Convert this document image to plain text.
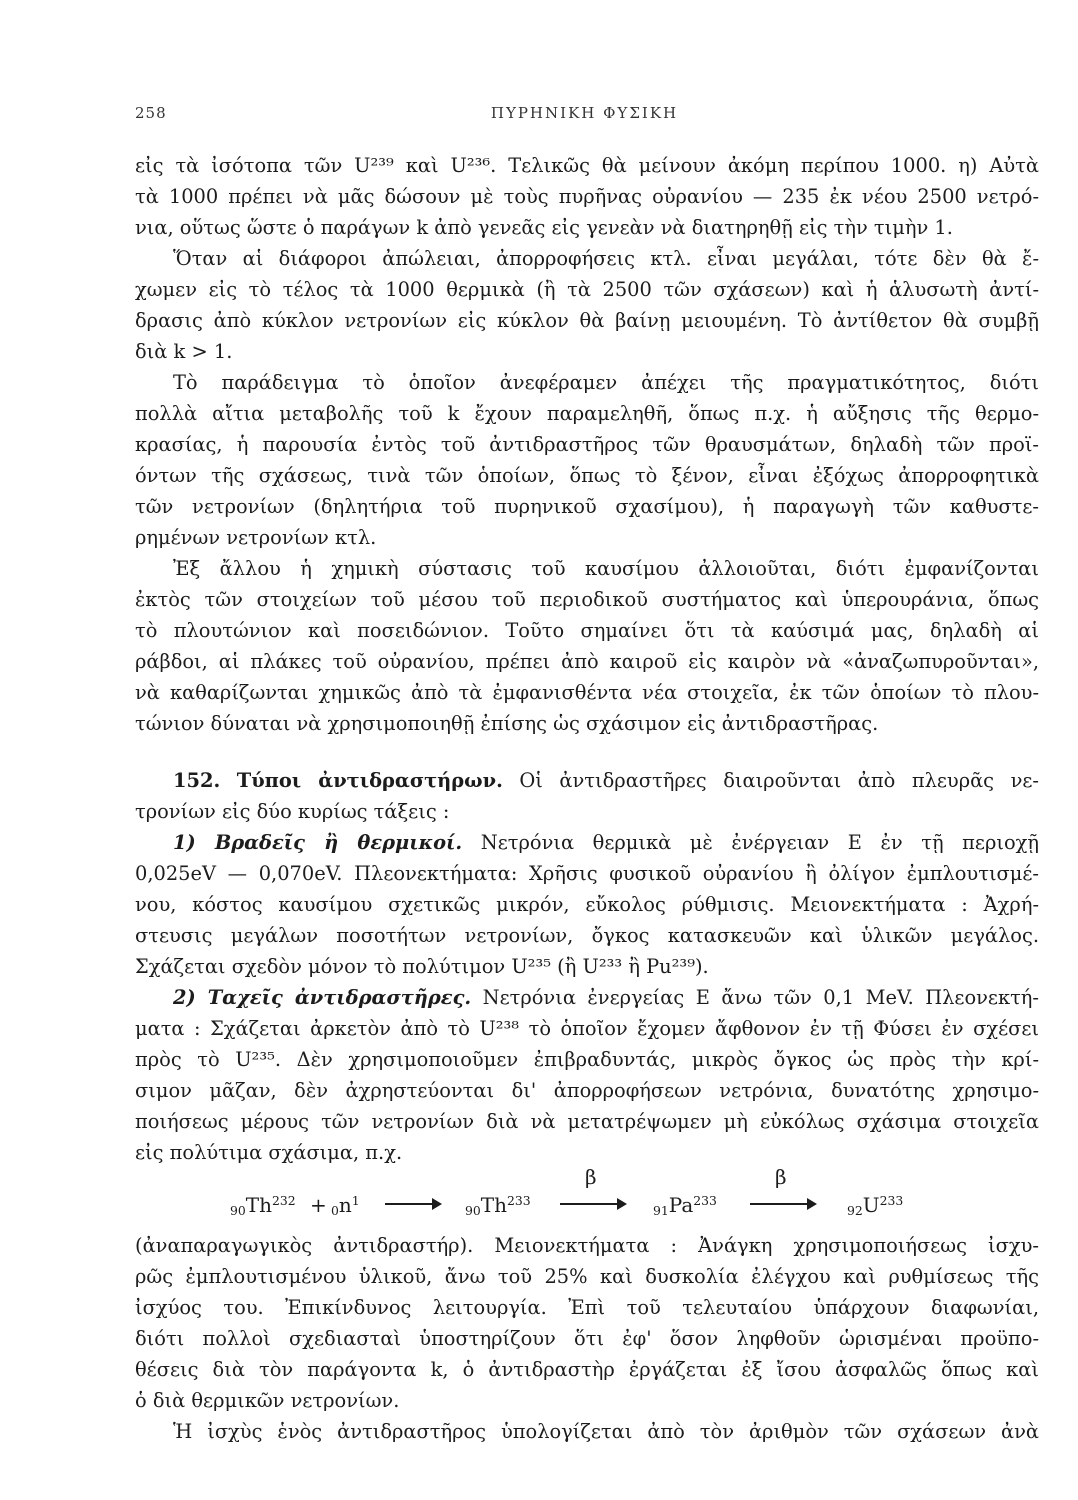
258	ΠΥΡΗΝΙΚΗ ΦΥΣΙΚΗ
εἰς τὰ ἰσότοπα τῶν U²³⁹ καὶ U²³⁶. Τελικῶς θὰ μείνουν ἀκόμη περίπου 1000. η) Αὐτὰ
τὰ 1000 πρέπει νὰ μᾶς δώσουν μὲ τοὺς πυρῆνας οὐρανίου — 235 ἐκ νέου 2500 νετρό-
νια, οὕτως ὥστε ὁ παράγων k ἀπὸ γενεᾶς εἰς γενεὰν νὰ διατηρηθῇ εἰς τὴν τιμὴν 1.
Ὅταν αἱ διάφοροι ἀπώλειαι, ἀπορροφήσεις κτλ. εἶναι μεγάλαι, τότε δὲν θὰ ἔ-
χωμεν εἰς τὸ τέλος τὰ 1000 θερμικὰ (ἢ τὰ 2500 τῶν σχάσεων) καὶ ἡ ἁλυσωτὴ ἀντί-
δρασις ἀπὸ κύκλον νετρονίων εἰς κύκλον θὰ βαίνῃ μειουμένη. Τὸ ἀντίθετον θὰ συμβῇ
διὰ k > 1.
Τὸ παράδειγμα τὸ ὁποῖον ἀνεφέραμεν ἀπέχει τῆς πραγματικότητος, διότι
πολλὰ αἴτια μεταβολῆς τοῦ k ἔχουν παραμεληθῆ, ὅπως π.χ. ἡ αὔξησις τῆς θερμο-
κρασίας, ἡ παρουσία ἐντὸς τοῦ ἀντιδραστῆρος τῶν θραυσμάτων, δηλαδὴ τῶν προϊ-
όντων τῆς σχάσεως, τινὰ τῶν ὁποίων, ὅπως τὸ ξένον, εἶναι ἐξόχως ἀπορροφητικὰ
τῶν νετρονίων (δηλητήρια τοῦ πυρηνικοῦ σχασίμου), ἡ παραγωγὴ τῶν καθυστε-
ρημένων νετρονίων κτλ.
Ἐξ ἄλλου ἡ χημικὴ σύστασις τοῦ καυσίμου ἀλλοιοῦται, διότι ἐμφανίζονται
ἐκτὸς τῶν στοιχείων τοῦ μέσου τοῦ περιοδικοῦ συστήματος καὶ ὑπερουράνια, ὅπως
τὸ πλουτώνιον καὶ ποσειδώνιον. Τοῦτο σημαίνει ὅτι τὰ καύσιμά μας, δηλαδὴ αἱ
ράβδοι, αἱ πλάκες τοῦ οὐρανίου, πρέπει ἀπὸ καιροῦ εἰς καιρὸν νὰ «ἀναζωπυροῦνται»,
νὰ καθαρίζωνται χημικῶς ἀπὸ τὰ ἐμφανισθέντα νέα στοιχεῖα, ἐκ τῶν ὁποίων τὸ πλου-
τώνιον δύναται νὰ χρησιμοποιηθῇ ἐπίσης ὡς σχάσιμον εἰς ἀντιδραστῆρας.
152. Τύποι ἀντιδραστήρων. Οἱ ἀντιδραστῆρες διαιροῦνται ἀπὸ πλευρᾶς νε-
τρονίων εἰς δύο κυρίως τάξεις :
1) Βραδεῖς ἢ θερμικοί. Νετρόνια θερμικὰ μὲ ἐνέργειαν E ἐν τῇ περιοχῇ
0,025eV — 0,070eV. Πλεονεκτήματα: Χρῆσις φυσικοῦ οὐρανίου ἢ ὀλίγον ἐμπλουτισμέ-
νου, κόστος καυσίμου σχετικῶς μικρόν, εὔκολος ρύθμισις. Μειονεκτήματα : Ἀχρή-
στευσις μεγάλων ποσοτήτων νετρονίων, ὄγκος κατασκευῶν καὶ ὑλικῶν μεγάλος.
Σχάζεται σχεδὸν μόνον τὸ πολύτιμον U²³⁵ (ἢ U²³³ ἢ Pu²³⁹).
2) Ταχεῖς ἀντιδραστῆρες. Νετρόνια ἐνεργείας E ἄνω τῶν 0,1 MeV. Πλεονεκτή-
ματα : Σχάζεται ἀρκετὸν ἀπὸ τὸ U²³⁸ τὸ ὁποῖον ἔχομεν ἄφθονον ἐν τῇ Φύσει ἐν σχέσει
πρὸς τὸ U²³⁵. Δὲν χρησιμοποιοῦμεν ἐπιβραδυντάς, μικρὸς ὄγκος ὡς πρὸς τὴν κρί-
σιμον μᾶζαν, δὲν ἀχρηστεύονται δι' ἀπορροφήσεων νετρόνια, δυνατότης χρησιμο-
ποιήσεως μέρους τῶν νετρονίων διὰ νὰ μετατρέψωμεν μὴ εὐκόλως σχάσιμα στοιχεῖα
εἰς πολύτιμα σχάσιμα, π.χ.
$_{90}Th^{232} + _0n^1 \to _{90}Th^{233}$
β
$_{91}Pa^{233}$
β
$_{92}U^{233}$
(ἀναπαραγωγικὸς ἀντιδραστήρ). Μειονεκτήματα : Ἀνάγκη χρησιμοποιήσεως ἰσχυ-
ρῶς ἐμπλουτισμένου ὑλικοῦ, ἄνω τοῦ 25% καὶ δυσκολία ἐλέγχου καὶ ρυθμίσεως τῆς
ἰσχύος του. Ἐπικίνδυνος λειτουργία. Ἐπὶ τοῦ τελευταίου ὑπάρχουν διαφωνίαι,
διότι πολλοὶ σχεδιασταὶ ὑποστηρίζουν ὅτι ἐφ' ὅσον ληφθοῦν ὡρισμέναι προϋπο-
θέσεις διὰ τὸν παράγοντα k, ὁ ἀντιδραστὴρ ἐργάζεται ἐξ ἴσου ἀσφαλῶς ὅπως καὶ
ὁ διὰ θερμικῶν νετρονίων.
Ἡ ἰσχὺς ἑνὸς ἀντιδραστῆρος ὑπολογίζεται ἀπὸ τὸν ἀριθμὸν τῶν σχάσεων ἀνὰ
